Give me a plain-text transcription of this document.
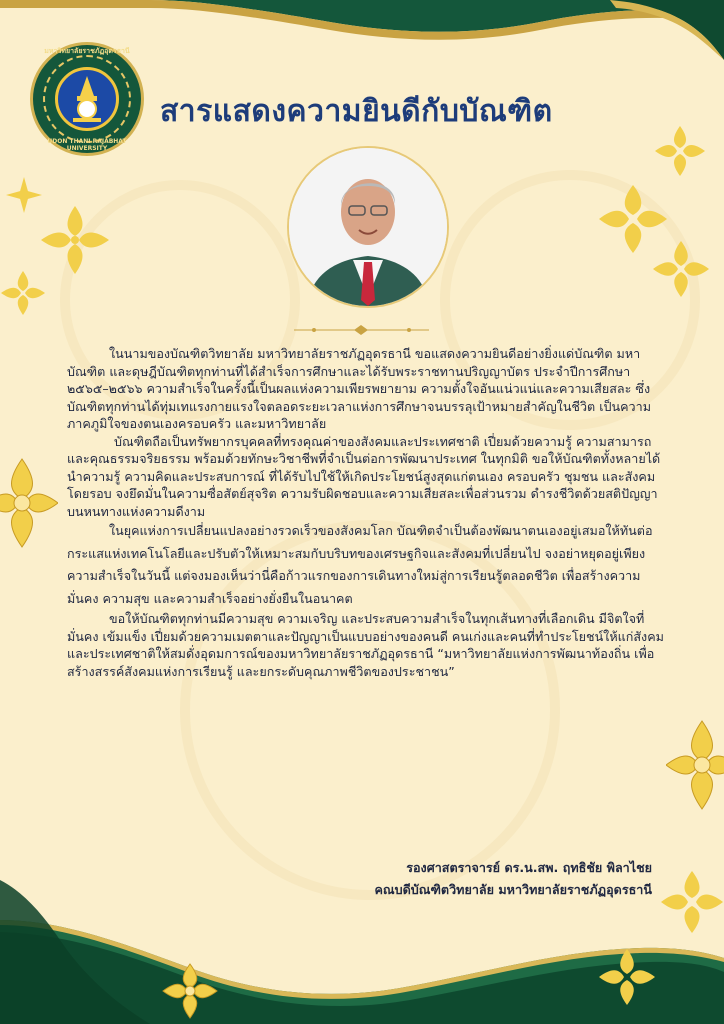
มหาวิทยาลัยราชภัฏอุดรธานี
UDON THANI RAJABHAT UNIVERSITY
สารแสดงความยินดีกับบัณฑิต

ในนามของบัณฑิตวิทยาลัย มหาวิทยาลัยราชภัฏอุดรธานี ขอแสดงความยินดีอย่างยิ่งแด่บัณฑิต มหาบัณฑิต และดุษฎีบัณฑิตทุกท่านที่ได้สำเร็จการศึกษาและได้รับพระราชทานปริญญาบัตร ประจำปีการศึกษา ๒๕๖๕–๒๕๖๖ ความสำเร็จในครั้งนี้เป็นผลแห่งความเพียรพยายาม ความตั้งใจอันแน่วแน่และความเสียสละ ซึ่งบัณฑิตทุกท่านได้ทุ่มเทแรงกายแรงใจตลอดระยะเวลาแห่งการศึกษาจนบรรลุเป้าหมายสำคัญในชีวิต เป็นความภาคภูมิใจของตนเองครอบครัว และมหาวิทยาลัย

บัณฑิตถือเป็นทรัพยากรบุคคลที่ทรงคุณค่าของสังคมและประเทศชาติ เปี่ยมด้วยความรู้ ความสามารถ และคุณธรรมจริยธรรม พร้อมด้วยทักษะวิชาชีพที่จำเป็นต่อการพัฒนาประเทศ ในทุกมิติ ขอให้บัณฑิตทั้งหลายได้นำความรู้ ความคิดและประสบการณ์ ที่ได้รับไปใช้ให้เกิดประโยชน์สูงสุดแก่ตนเอง ครอบครัว ชุมชน และสังคมโดยรอบ จงยึดมั่นในความซื่อสัตย์สุจริต ความรับผิดชอบและความเสียสละเพื่อส่วนรวม ดำรงชีวิตด้วยสติปัญญาบนหนทางแห่งความดีงาม

ในยุคแห่งการเปลี่ยนแปลงอย่างรวดเร็วของสังคมโลก บัณฑิตจำเป็นต้องพัฒนาตนเองอยู่เสมอให้ทันต่อกระแสแห่งเทคโนโลยีและปรับตัวให้เหมาะสมกับบริบทของเศรษฐกิจและสังคมที่เปลี่ยนไป จงอย่าหยุดอยู่เพียงความสำเร็จในวันนี้ แต่จงมองเห็นว่านี่คือก้าวแรกของการเดินทางใหม่สู่การเรียนรู้ตลอดชีวิต เพื่อสร้างความมั่นคง ความสุข และความสำเร็จอย่างยั่งยืนในอนาคต

ขอให้บัณฑิตทุกท่านมีความสุข ความเจริญ และประสบความสำเร็จในทุกเส้นทางที่เลือกเดิน มีจิตใจที่มั่นคง เข้มแข็ง เปี่ยมด้วยความเมตตาและปัญญาเป็นแบบอย่างของคนดี คนเก่งและคนที่ทำประโยชน์ให้แก่สังคมและประเทศชาติให้สมดั่งอุดมการณ์ของมหาวิทยาลัยราชภัฏอุดรธานี “มหาวิทยาลัยแห่งการพัฒนาท้องถิ่น เพื่อสร้างสรรค์สังคมแห่งการเรียนรู้ และยกระดับคุณภาพชีวิตของประชาชน”

รองศาสตราจารย์ ดร.น.สพ. ฤทธิชัย พิลาไชย
คณบดีบัณฑิตวิทยาลัย มหาวิทยาลัยราชภัฏอุดรธานี
